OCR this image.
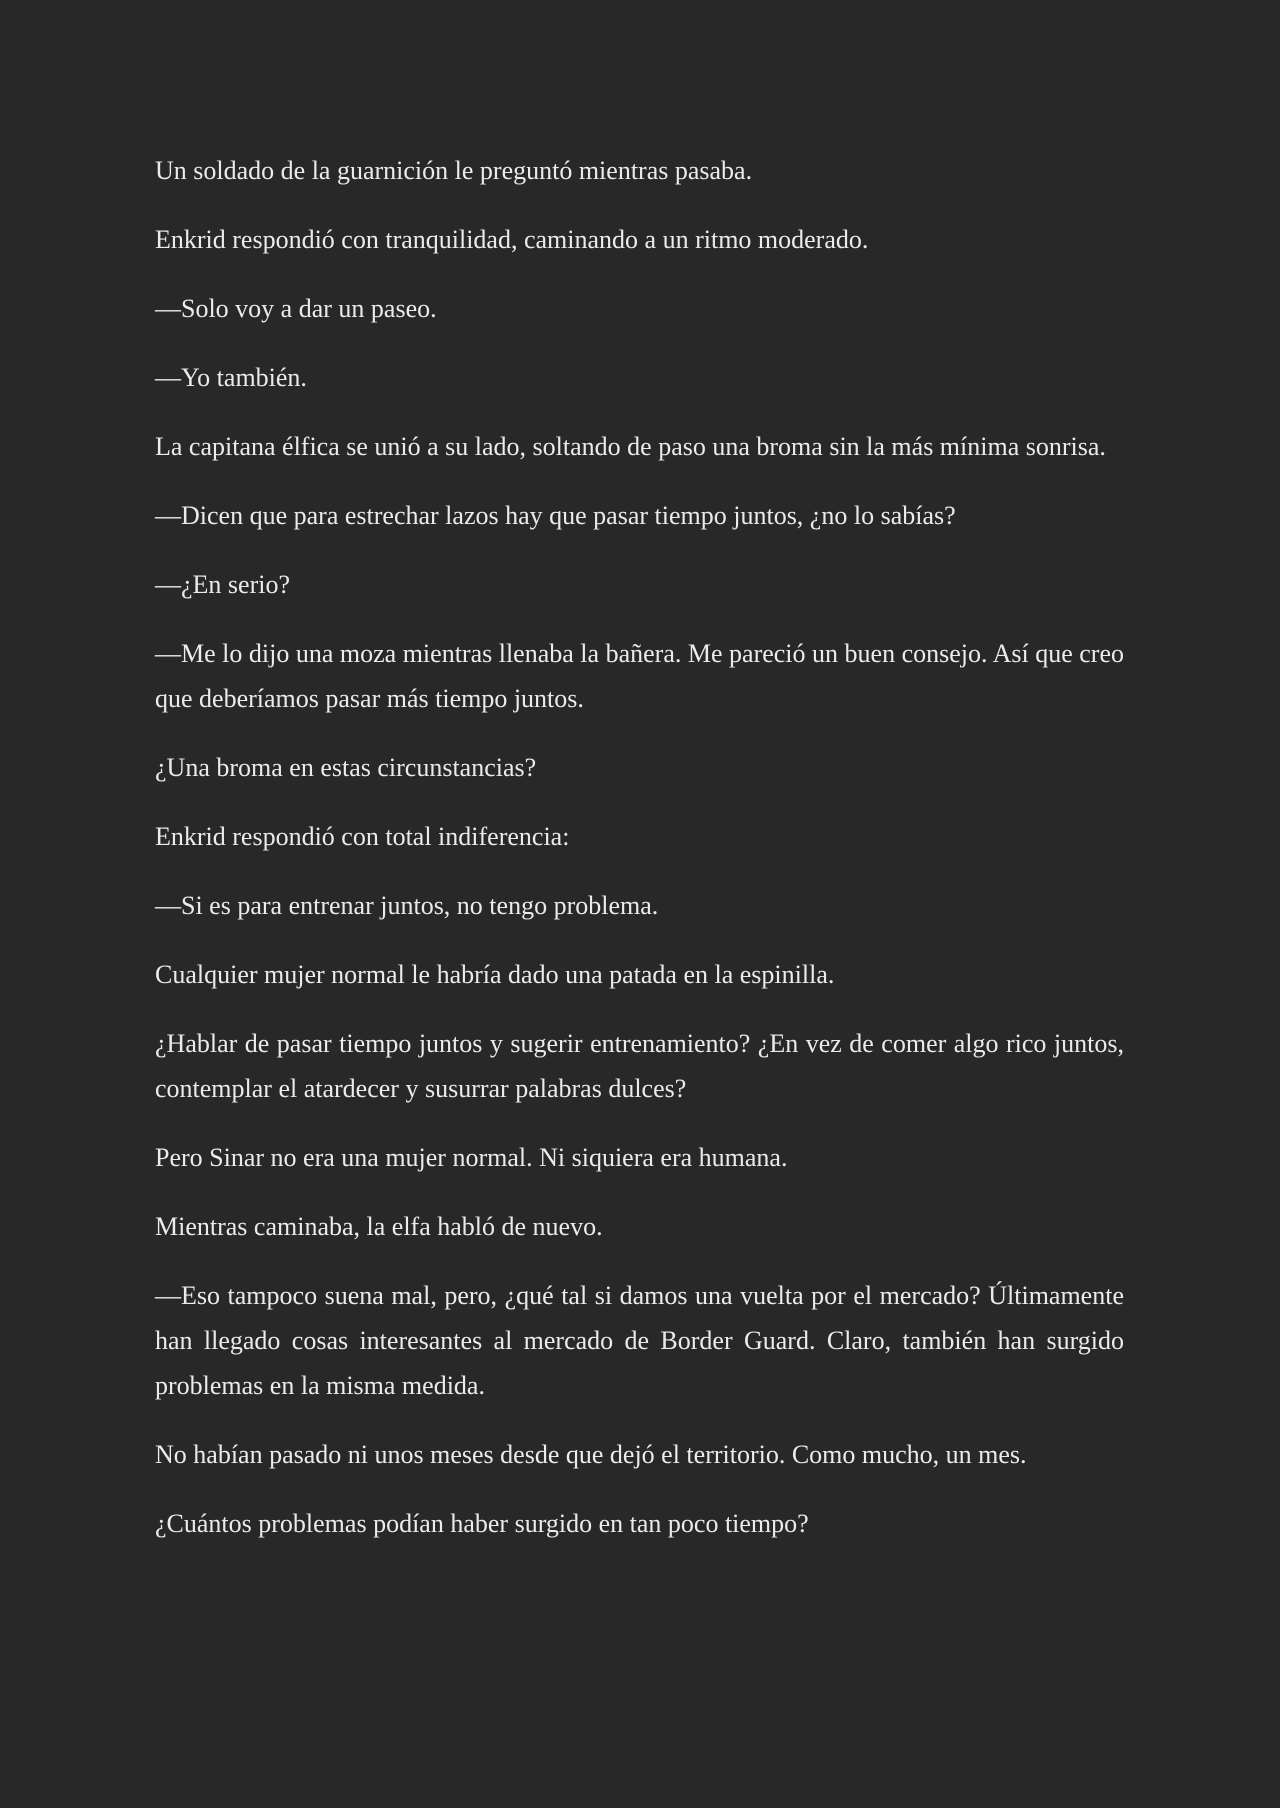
Un soldado de la guarnición le preguntó mientras pasaba.

Enkrid respondió con tranquilidad, caminando a un ritmo moderado.

—Solo voy a dar un paseo.

—Yo también.

La capitana élfica se unió a su lado, soltando de paso una broma sin la más mínima sonrisa.

—Dicen que para estrechar lazos hay que pasar tiempo juntos, ¿no lo sabías?

—¿En serio?

—Me lo dijo una moza mientras llenaba la bañera. Me pareció un buen consejo. Así que creo que deberíamos pasar más tiempo juntos.

¿Una broma en estas circunstancias?

Enkrid respondió con total indiferencia:

—Si es para entrenar juntos, no tengo problema.

Cualquier mujer normal le habría dado una patada en la espinilla.

¿Hablar de pasar tiempo juntos y sugerir entrenamiento? ¿En vez de comer algo rico juntos, contemplar el atardecer y susurrar palabras dulces?

Pero Sinar no era una mujer normal. Ni siquiera era humana.

Mientras caminaba, la elfa habló de nuevo.

—Eso tampoco suena mal, pero, ¿qué tal si damos una vuelta por el mercado? Últimamente han llegado cosas interesantes al mercado de Border Guard. Claro, también han surgido problemas en la misma medida.

No habían pasado ni unos meses desde que dejó el territorio. Como mucho, un mes.

¿Cuántos problemas podían haber surgido en tan poco tiempo?
